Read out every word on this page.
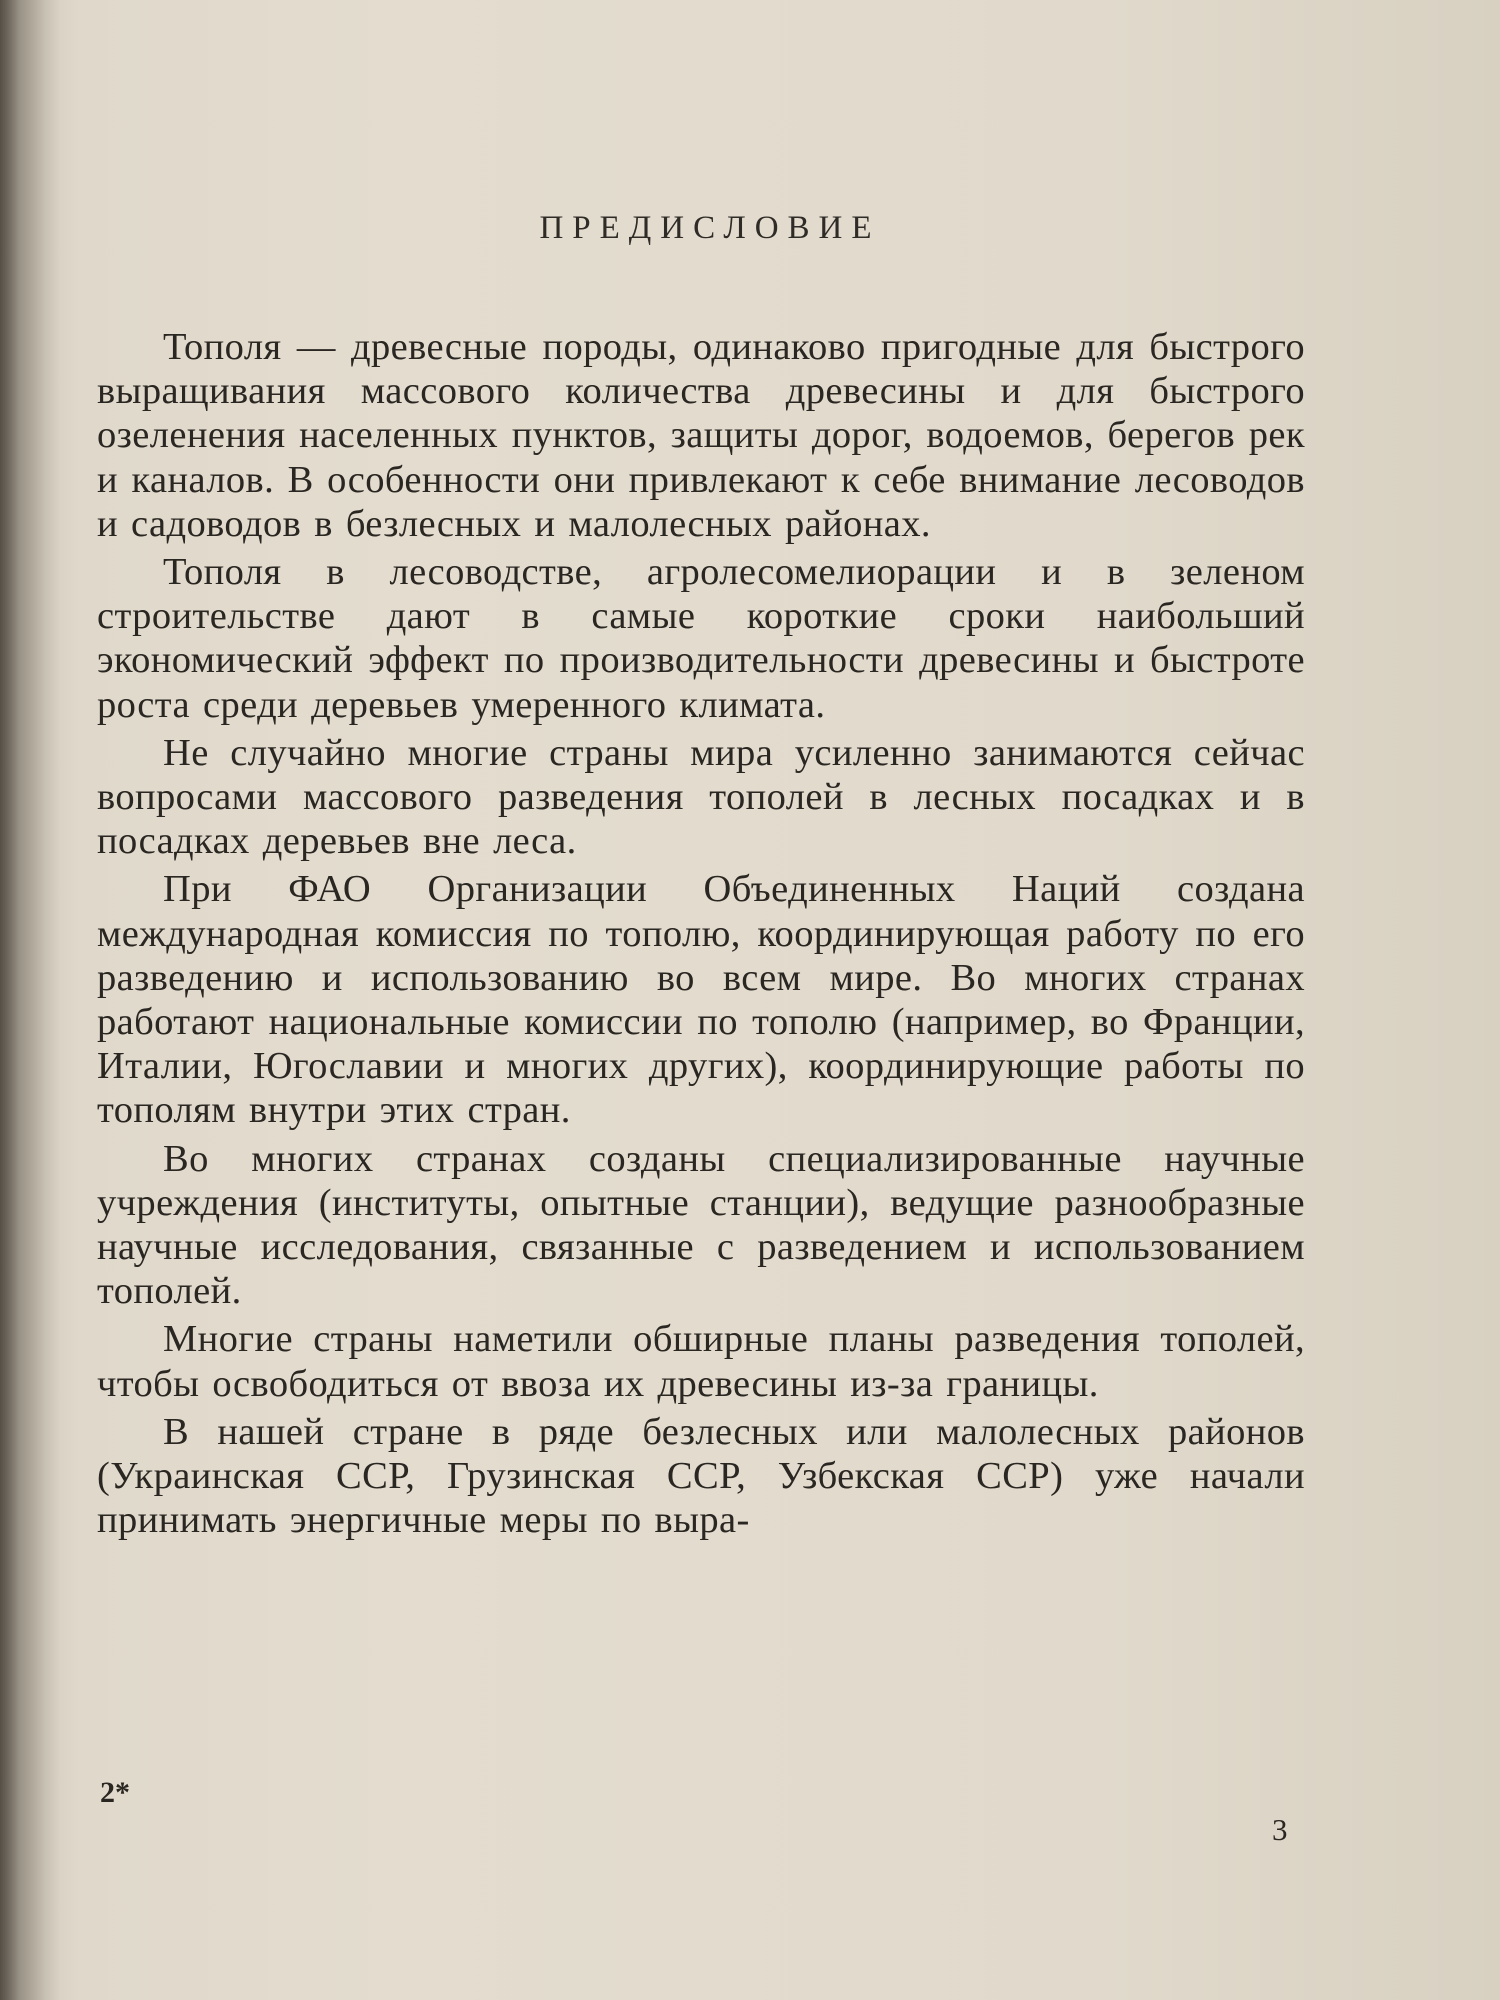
ПРЕДИСЛОВИЕ

Тополя — древесные породы, одинаково пригодные для быстрого выращивания массового количества древесины и для быстрого озеленения населенных пунктов, защиты дорог, водоемов, берегов рек и каналов. В особенности они привлекают к себе внимание лесоводов и садоводов в безлесных и малолесных районах.

Тополя в лесоводстве, агролесомелиорации и в зеленом строительстве дают в самые короткие сроки наибольший экономический эффект по производительности древесины и быстроте роста среди деревьев умеренного климата.

Не случайно многие страны мира усиленно занимаются сейчас вопросами массового разведения тополей в лесных посадках и в посадках деревьев вне леса.

При ФАО Организации Объединенных Наций создана международная комиссия по тополю, координирующая работу по его разведению и использованию во всем мире. Во многих странах работают национальные комиссии по тополю (например, во Франции, Италии, Югославии и многих других), координирующие работы по тополям внутри этих стран.

Во многих странах созданы специализированные научные учреждения (институты, опытные станции), ведущие разнообразные научные исследования, связанные с разведением и использованием тополей.

Многие страны наметили обширные планы разведения тополей, чтобы освободиться от ввоза их древесины из-за границы.

В нашей стране в ряде безлесных или малолесных районов (Украинская ССР, Грузинская ССР, Узбекская ССР) уже начали принимать энергичные меры по выра-

2*
3
